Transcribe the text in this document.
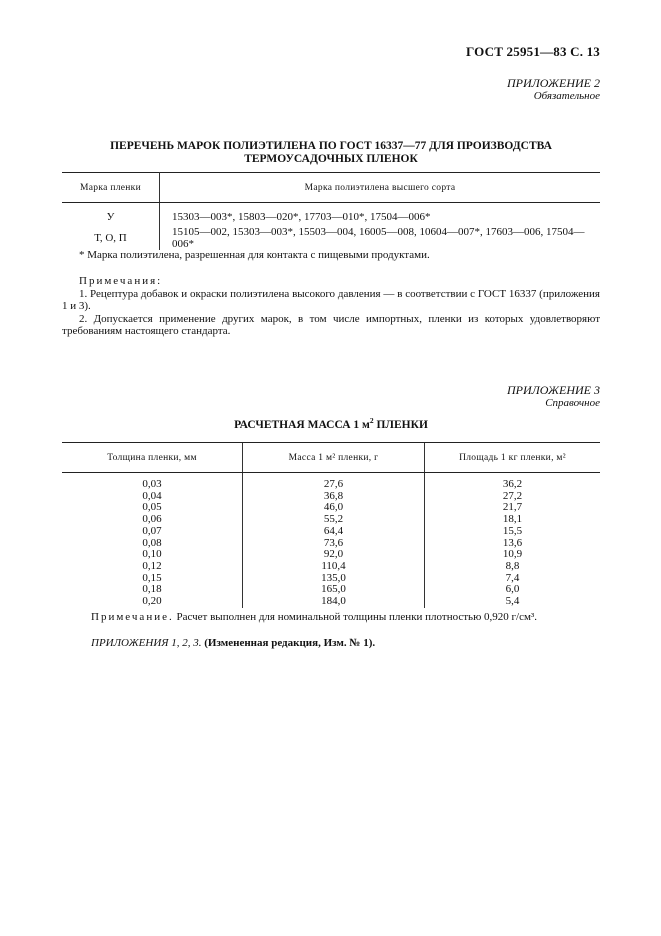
ГОСТ 25951—83 С. 13
ПРИЛОЖЕНИЕ 2
Обязательное
ПЕРЕЧЕНЬ МАРОК ПОЛИЭТИЛЕНА ПО ГОСТ 16337—77 ДЛЯ ПРОИЗВОДСТВА
ТЕРМОУСАДОЧНЫХ ПЛЕНОК
Марка пленки	Марка полиэтилена высшего сорта
У	15303—003*, 15803—020*, 17703—010*, 17504—006*
Т, О, П	15105—002, 15303—003*, 15503—004, 16005—008, 10604—007*, 17603—006, 17504—006*
* Марка полиэтилена, разрешенная для контакта с пищевыми продуктами.
Примечания:
1. Рецептура добавок и окраски полиэтилена высокого давления — в соответствии с ГОСТ 16337 (приложения 1 и 3).
2. Допускается применение других марок, в том числе импортных, пленки из которых удовлетворяют требованиям настоящего стандарта.
ПРИЛОЖЕНИЕ 3
Справочное
РАСЧЕТНАЯ МАССА 1 $м^2$ ПЛЕНКИ
Толщина пленки, мм	Масса 1 м² пленки, г	Площадь 1 кг пленки, м²
0,03	27,6	36,2
0,04	36,8	27,2
0,05	46,0	21,7
0,06	55,2	18,1
0,07	64,4	15,5
0,08	73,6	13,6
0,10	92,0	10,9
0,12	110,4	8,8
0,15	135,0	7,4
0,18	165,0	6,0
0,20	184,0	5,4
Примечание. Расчет выполнен для номинальной толщины пленки плотностью 0,920 г/см³.
ПРИЛОЖЕНИЯ 1, 2, 3. (Измененная редакция, Изм. № 1).
